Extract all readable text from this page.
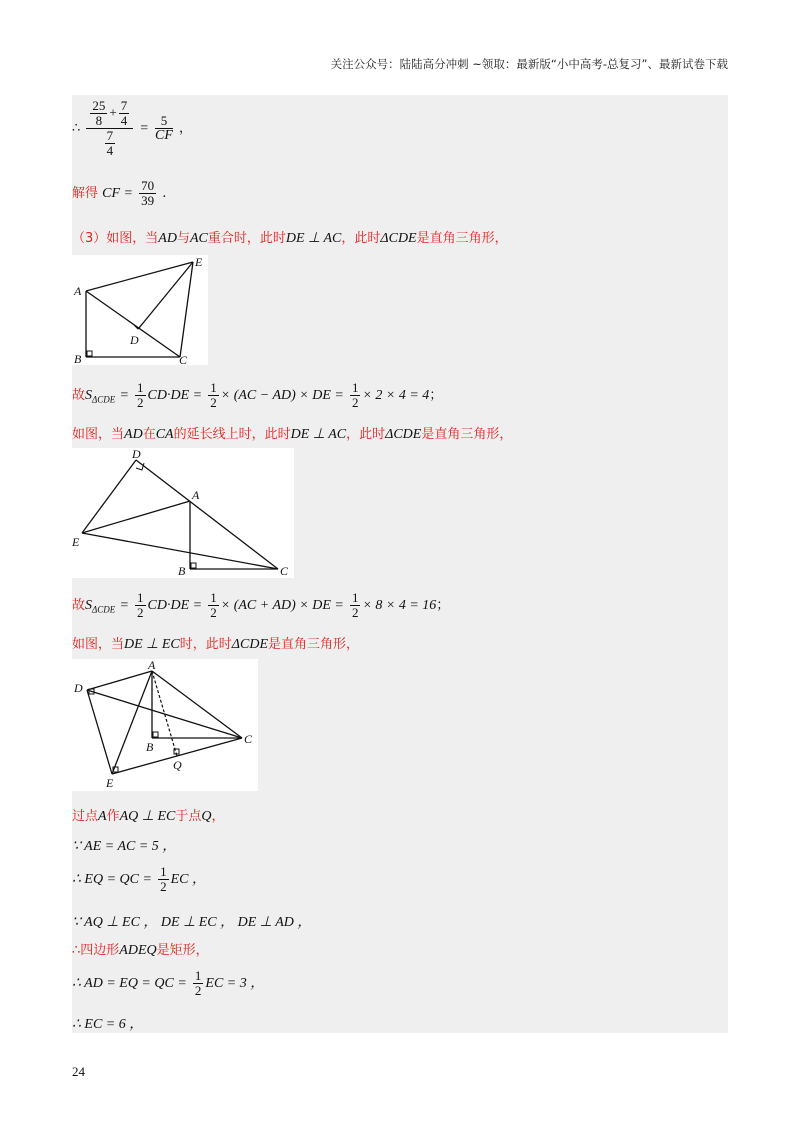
关注公众号：陆陆高分冲刺 ~领取：最新版“小中高考-总复习”、最新试卷下载
∴ $\frac{\frac{25}{8} + \frac{7}{4}}{\frac{7}{4}} = \frac{5}{CF}$ ，
解得 CF = $\frac{70}{39}$ .
（3）如图，当AD与AC重合时，此时DE ⊥ AC，此时ΔCDE是直角三角形，
A
B	C
D
E
故$S_{\Delta CDE} = \frac{1}{2} CD\cdot DE = \frac{1}{2} \times (AC - AD)$ × DE = $\frac{1}{2} \times 2 \times 4 = 4$；
如图，当AD在CA的延长线上时，此时DE ⊥ AC，此时ΔCDE是直角三角形，
D
A
E
B	C
故$S_{\Delta CDE} = \frac{1}{2} CD\cdot DE = \frac{1}{2} \times (AC + AD)$ × DE = $\frac{1}{2} \times 8 \times 4 = 16$；
如图，当DE ⊥ EC时，此时ΔCDE是直角三角形，
A
D
B
C
Q
E
过点A作AQ ⊥ EC于点Q，
∵ AE = AC = 5 ，
∴ EQ = QC = $\frac{1}{2}$ EC ，
∵ AQ ⊥ EC ， DE ⊥ EC ， DE ⊥ AD ，
∴四边形ADEQ是矩形，
∴ AD = EQ = QC = $\frac{1}{2}$ EC = 3 ，
∴ EC = 6 ，
24
